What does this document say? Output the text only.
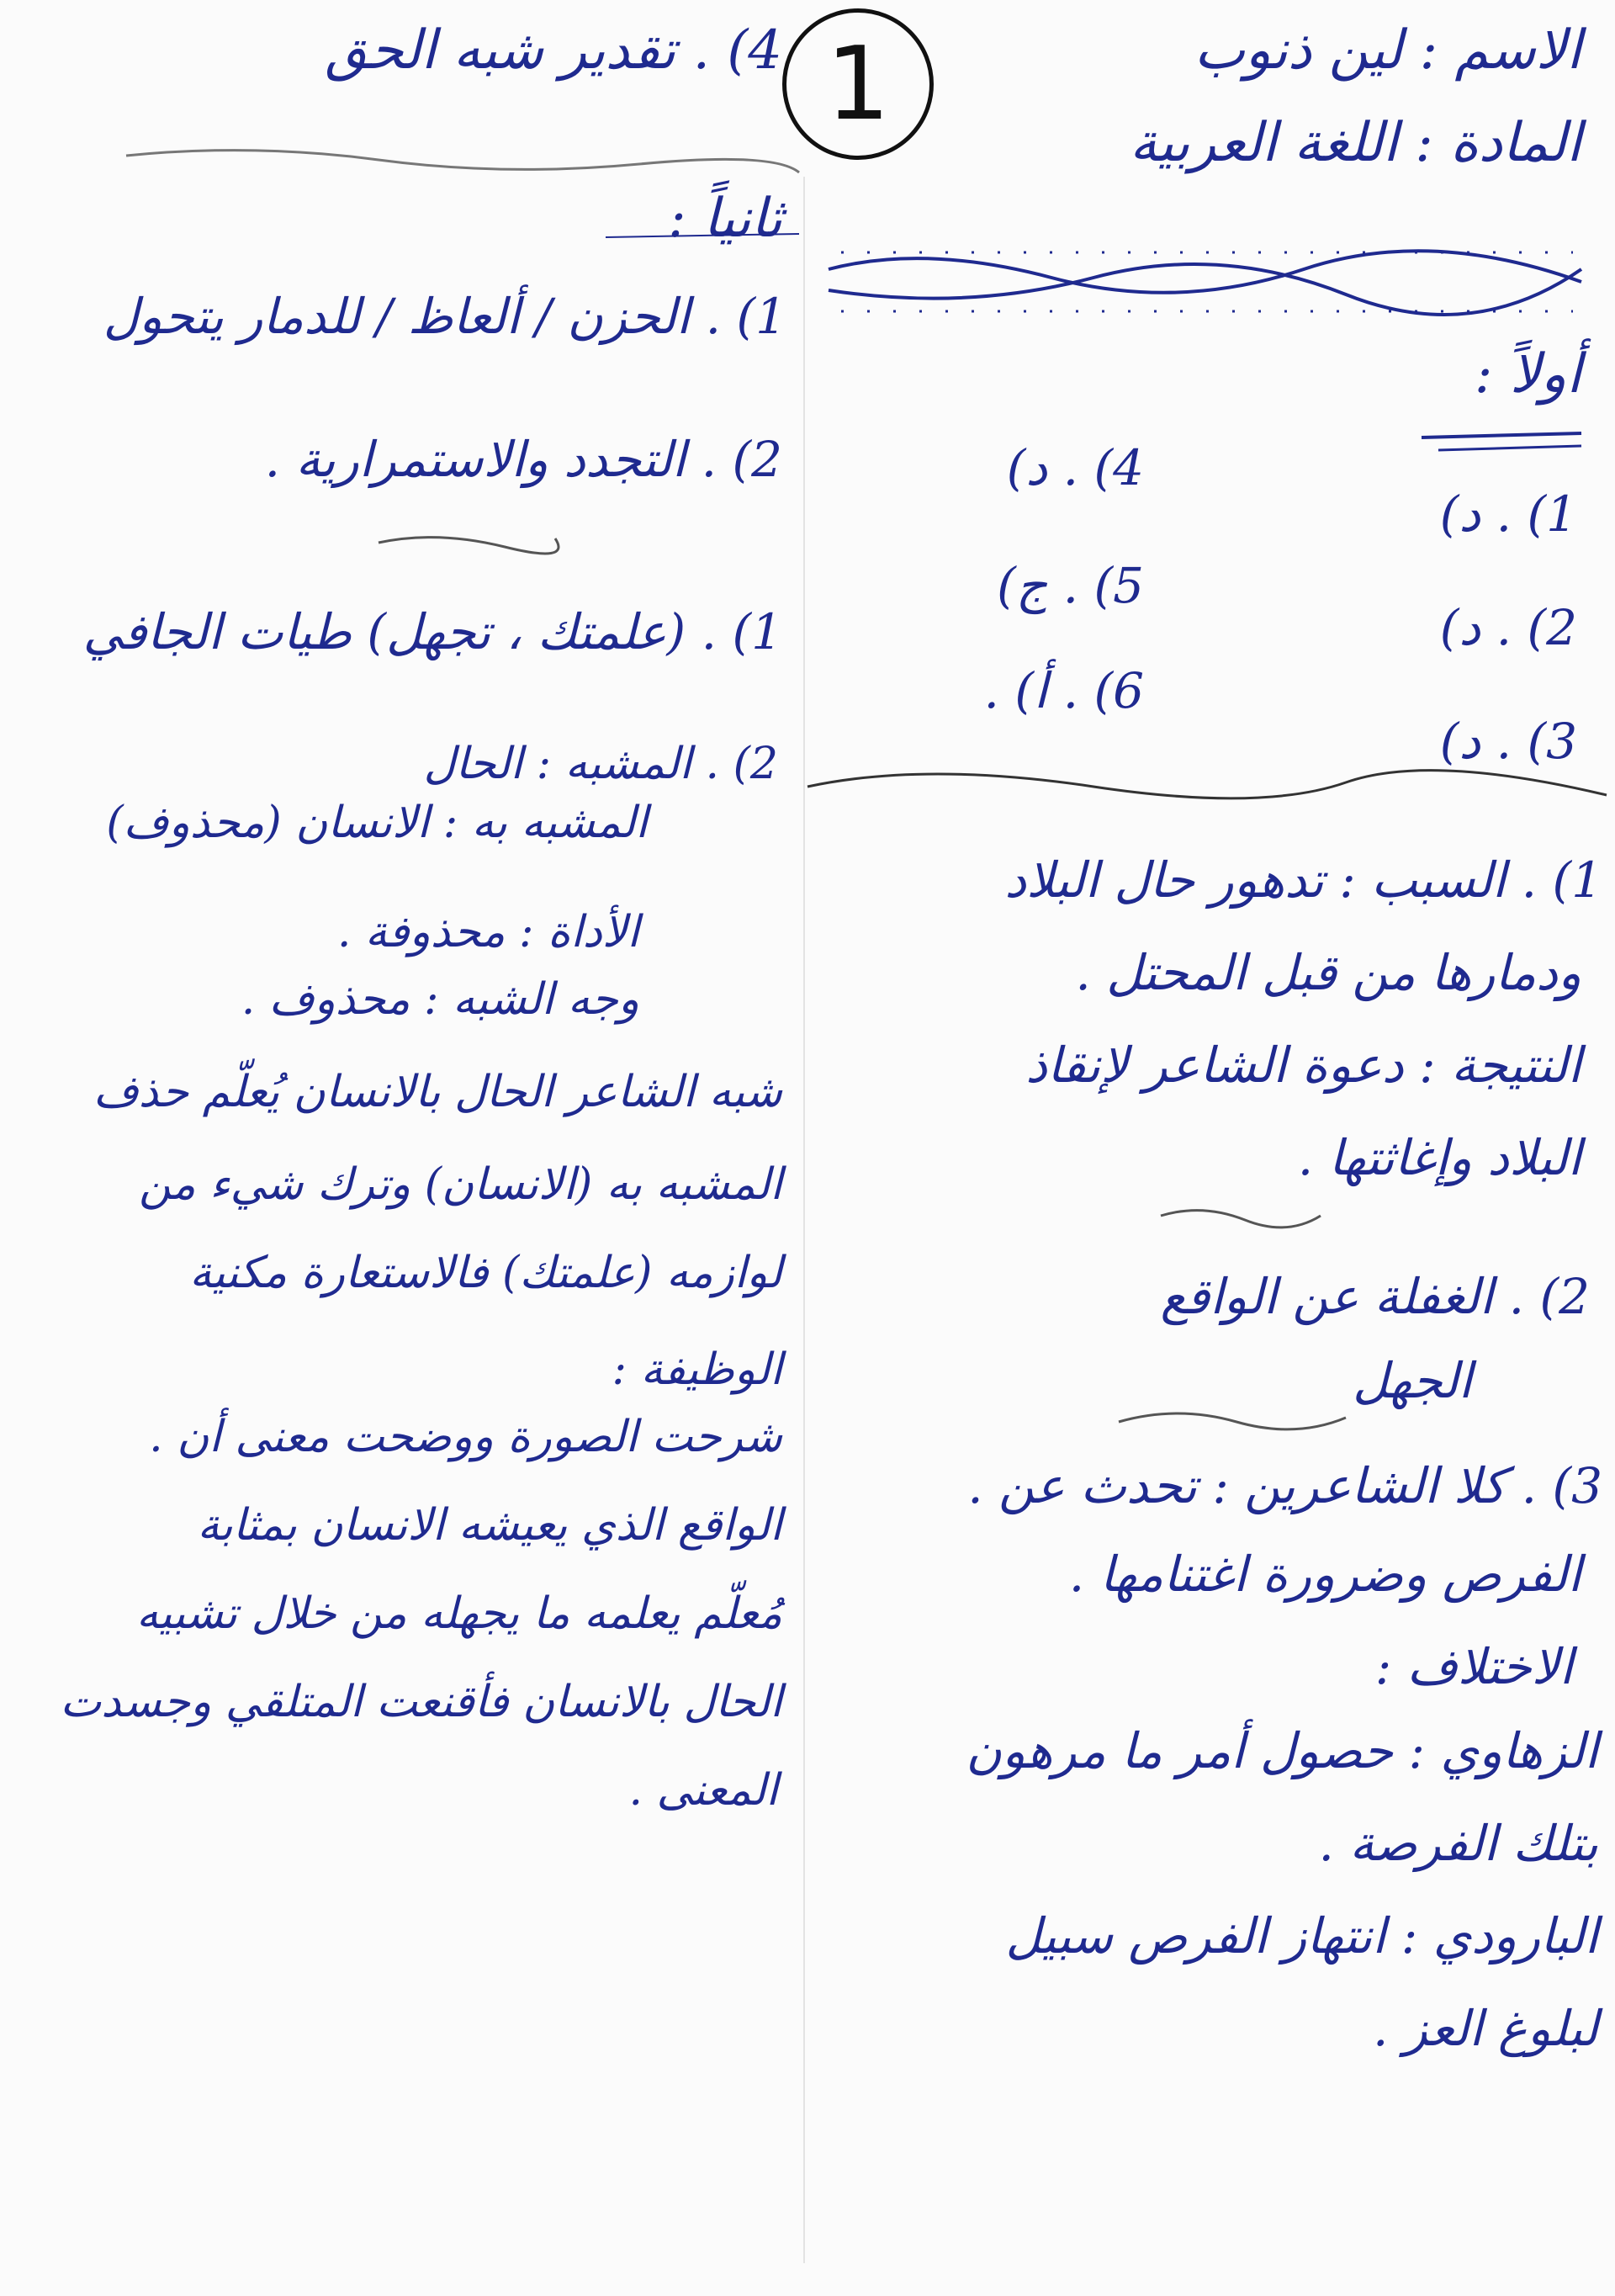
الاسم : لين ذنوب
المادة : اللغة العربية
4) . تقدير شبه الحق 1
أولاً :
1) . د)
2) . د)
3) . د)
4) . د)
5) . ج)
6) . أ) .
1) . السبب : تدهور حال البلاد
ودمارها من قبل المحتل .
النتيجة : دعوة الشاعر لإنقاذ
البلاد وإغاثتها .
2) . الغفلة عن الواقع
الجهل
3) . كلا الشاعرين : تحدث عن .
الفرص وضرورة اغتنامها .
الاختلاف :
الزهاوي : حصول أمر ما مرهون
بتلك الفرصة .
البارودي : انتهاز الفرص سبيل
لبلوغ العز .
ثانياً :
1) . الحزن / ألعاظ / للدمار يتحول
2) . التجدد والاستمرارية .
1) . (علمتك ، تجهل) طيات الجافي
2) . المشبه : الحال
المشبه به : الانسان (محذوف)
الأداة : محذوفة .
وجه الشبه : محذوف .
شبه الشاعر الحال بالانسان يُعلّم حذف
المشبه به (الانسان) وترك شيء من
لوازمه (علمتك) فالاستعارة مكنية
الوظيفة :
شرحت الصورة ووضحت معنى أن .
الواقع الذي يعيشه الانسان بمثابة
مُعلّم يعلمه ما يجهله من خلال تشبيه
الحال بالانسان فأقنعت المتلقي وجسدت
المعنى .
